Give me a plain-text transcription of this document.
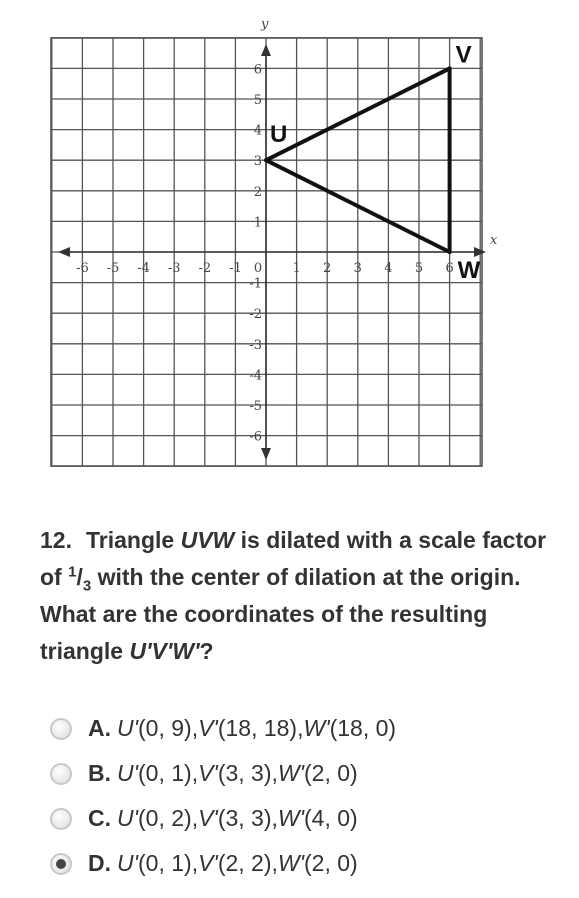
x
y
-6 -5 -4 -3 -2 -1 0 1 2 3 4 5 6
6
5
4
3
2
1
-1
-2
-3
-4
-5
-6
U
V
W

12. Triangle UVW is dilated with a scale factor of $^1/_3$ with the center of dilation at the origin. What are the coordinates of the resulting triangle U'V'W'?

A. U' (0, 9), V' (18, 18), W' (18, 0)
B. U' (0, 1), V' (3, 3), W' (2, 0)
C. U' (0, 2), V' (3, 3), W' (4, 0)
D. U' (0, 1), V' (2, 2), W' (2, 0)
